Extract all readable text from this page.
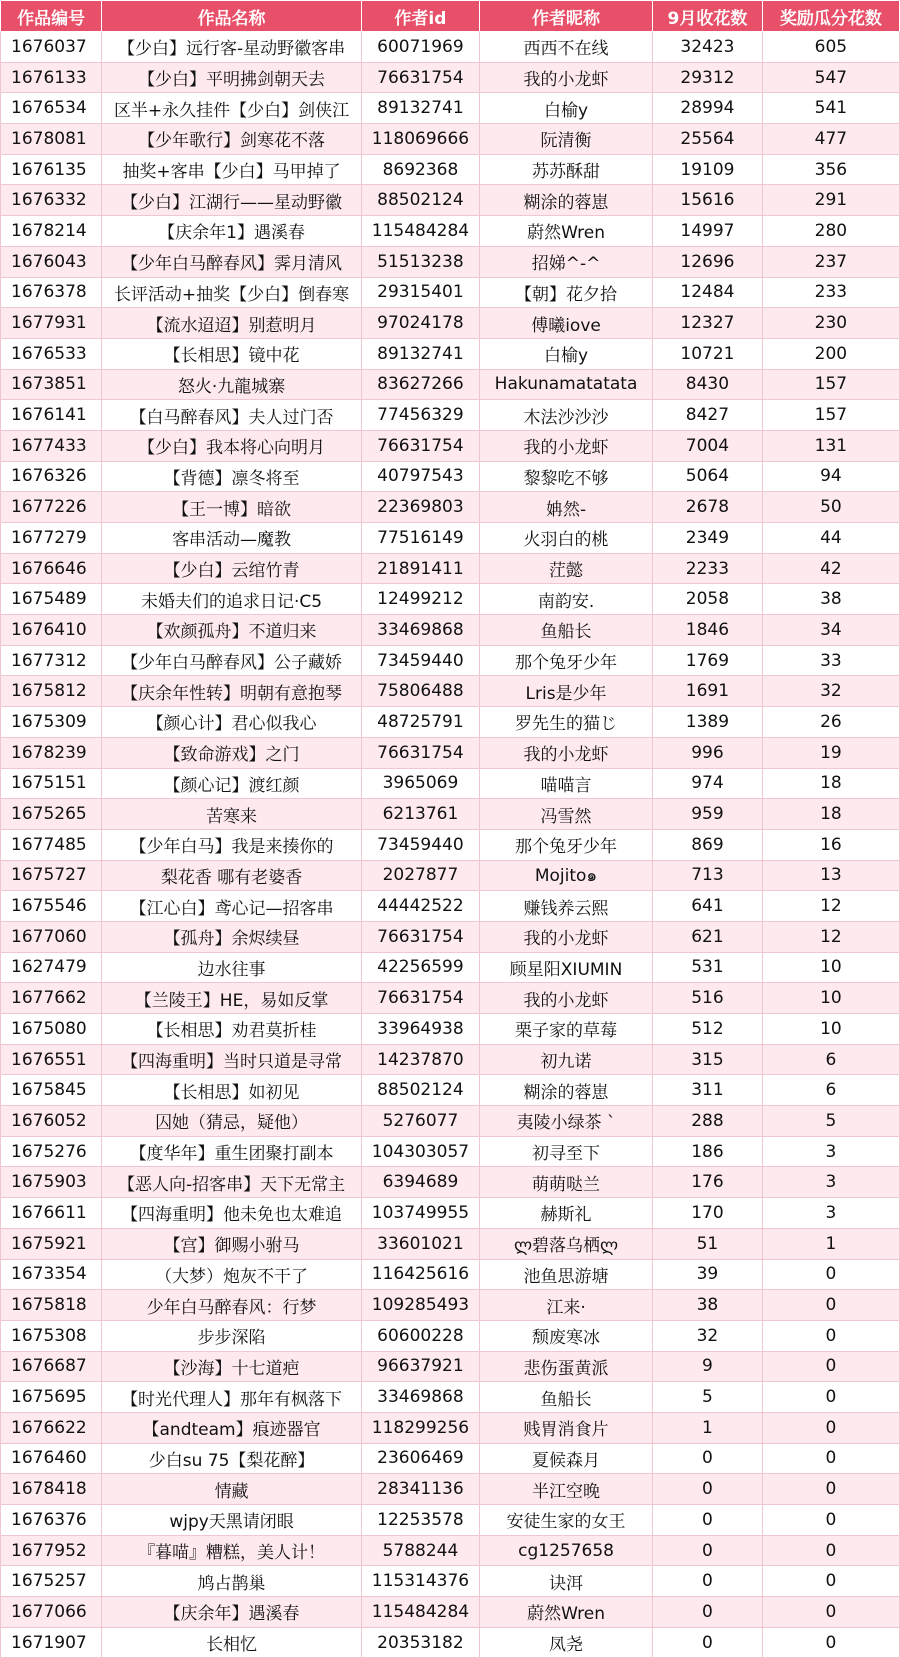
作品编号	作品名称	作者id	作者昵称	9月收花数	奖励瓜分花数
1676037	【少白】远行客-星动野徽客串	60071969	西西不在线	32423	605
1676133	【少白】平明拂剑朝天去	76631754	我的小龙虾	29312	547
1676534	区半+永久挂件【少白】剑侠江	89132741	白榆y	28994	541
1678081	【少年歌行】剑寒花不落	118069666	阮清衡	25564	477
1676135	抽奖+客串【少白】马甲掉了	8692368	苏苏酥甜	19109	356
1676332	【少白】江湖行——星动野徽	88502124	糊涂的蓉崽	15616	291
1678214	【庆余年1】遇溪春	115484284	蔚然Wren	14997	280
1676043	【少年白马醉春风】霁月清风	51513238	招娣^-^	12696	237
1676378	长评活动+抽奖【少白】倒春寒	29315401	【朝】花夕拾	12484	233
1677931	【流水迢迢】别惹明月	97024178	傅曦iove	12327	230
1676533	【长相思】镜中花	89132741	白榆y	10721	200
1673851	怒火·九龍城寨	83627266	Hakunamatatata	8430	157
1676141	【白马醉春风】夫人过门否	77456329	木法沙沙沙	8427	157
1677433	【少白】我本将心向明月	76631754	我的小龙虾	7004	131
1676326	【背德】凛冬将至	40797543	黎黎吃不够	5064	94
1677226	【王一博】暗欲	22369803	姌然-	2678	50
1677279	客串活动—魔教	77516149	火羽白的桃	2349	44
1676646	【少白】云绾竹青	21891411	茳懿	2233	42
1675489	未婚夫们的追求日记·C5	12499212	南韵安.	2058	38
1676410	【欢颜孤舟】不道归来	33469868	鱼船长	1846	34
1677312	【少年白马醉春风】公子藏娇	73459440	那个兔牙少年	1769	33
1675812	【庆余年性转】明朝有意抱琴	75806488	Lris是少年	1691	32
1675309	【颜心计】君心似我心	48725791	罗先生的猫じ	1389	26
1678239	【致命游戏】之门	76631754	我的小龙虾	996	19
1675151	【颜心记】渡红颜	3965069	喵喵言	974	18
1675265	苦寒来	6213761	冯雪然	959	18
1677485	【少年白马】我是来揍你的	73459440	那个兔牙少年	869	16
1675727	梨花香 哪有老婆香	2027877	Mojito๑	713	13
1675546	【江心白】鸢心记—招客串	44442522	赚钱养云熙	641	12
1677060	【孤舟】余烬续昼	76631754	我的小龙虾	621	12
1627479	边水往事	42256599	顾星阳XIUMIN	531	10
1677662	【兰陵王】HE，易如反掌	76631754	我的小龙虾	516	10
1675080	【长相思】劝君莫折桂	33964938	栗子家的草莓	512	10
1676551	【四海重明】当时只道是寻常	14237870	初九诺	315	6
1675845	【长相思】如初见	88502124	糊涂的蓉崽	311	6
1676052	囚她（猜忌，疑他）	5276077	夷陵小绿茶 `	288	5
1675276	【度华年】重生团聚打副本	104303057	初寻至下	186	3
1675903	【恶人向-招客串】天下无常主	6394689	萌萌哒兰	176	3
1676611	【四海重明】他未免也太难追	103749955	赫斯礼	170	3
1675921	【宫】御赐小驸马	33601021	ლ碧落乌栖ლ	51	1
1673354	（大梦）炮灰不干了	116425616	池鱼思游塘	39	0
1675818	少年白马醉春风：行梦	109285493	江来·	38	0
1675308	步步深陷	60600228	颓废寒冰	32	0
1676687	【沙海】十七道疤	96637921	悲伤蛋黄派	9	0
1675695	【时光代理人】那年有枫落下	33469868	鱼船长	5	0
1676622	【andteam】痕迹器官	118299256	贱胃消食片	1	0
1676460	少白su 75【梨花醉】	23606469	夏候森月	0	0
1678418	情藏	28341136	半江空晚	0	0
1676376	wjpy天黑请闭眼	12253578	安徒生家的女王	0	0
1677952	『暮喵』糟糕，美人计！	5788244	cg1257658	0	0
1675257	鸠占鹊巢	115314376	诀洱	0	0
1677066	【庆余年】遇溪春	115484284	蔚然Wren	0	0
1671907	长相忆	20353182	凤尧	0	0
